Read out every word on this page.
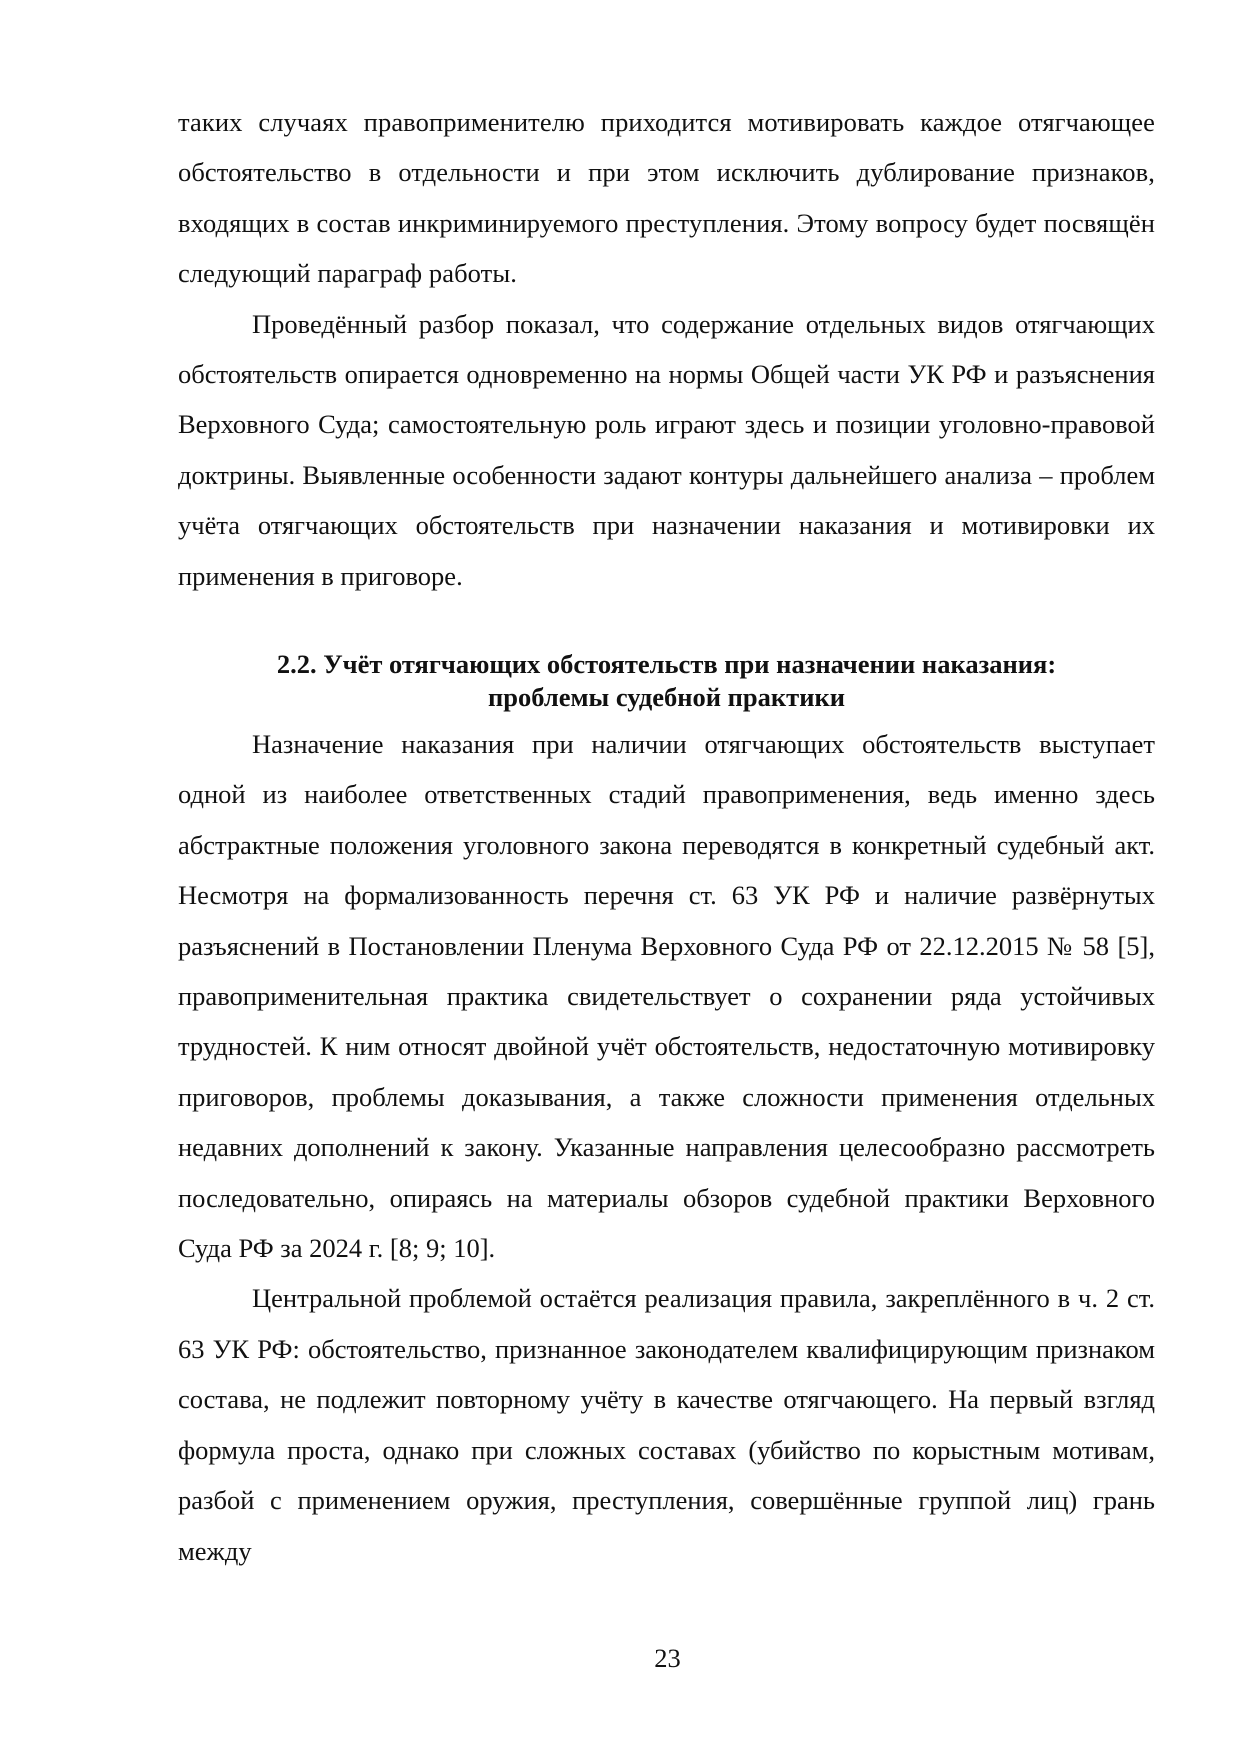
таких случаях правоприменителю приходится мотивировать каждое отягчающее обстоятельство в отдельности и при этом исключить дублирование признаков, входящих в состав инкриминируемого преступления. Этому вопросу будет посвящён следующий параграф работы.

Проведённый разбор показал, что содержание отдельных видов отягчающих обстоятельств опирается одновременно на нормы Общей части УК РФ и разъяснения Верховного Суда; самостоятельную роль играют здесь и позиции уголовно-правовой доктрины. Выявленные особенности задают контуры дальнейшего анализа – проблем учёта отягчающих обстоятельств при назначении наказания и мотивировки их применения в приговоре.

2.2. Учёт отягчающих обстоятельств при назначении наказания:
проблемы судебной практики

Назначение наказания при наличии отягчающих обстоятельств выступает одной из наиболее ответственных стадий правоприменения, ведь именно здесь абстрактные положения уголовного закона переводятся в конкретный судебный акт. Несмотря на формализованность перечня ст. 63 УК РФ и наличие развёрнутых разъяснений в Постановлении Пленума Верховного Суда РФ от 22.12.2015 № 58 [5], правоприменительная практика свидетельствует о сохранении ряда устойчивых трудностей. К ним относят двойной учёт обстоятельств, недостаточную мотивировку приговоров, проблемы доказывания, а также сложности применения отдельных недавних дополнений к закону. Указанные направления целесообразно рассмотреть последовательно, опираясь на материалы обзоров судебной практики Верховного Суда РФ за 2024 г. [8; 9; 10].

Центральной проблемой остаётся реализация правила, закреплённого в ч. 2 ст. 63 УК РФ: обстоятельство, признанное законодателем квалифицирующим признаком состава, не подлежит повторному учёту в качестве отягчающего. На первый взгляд формула проста, однако при сложных составах (убийство по корыстным мотивам, разбой с применением оружия, преступления, совершённые группой лиц) грань между

23
